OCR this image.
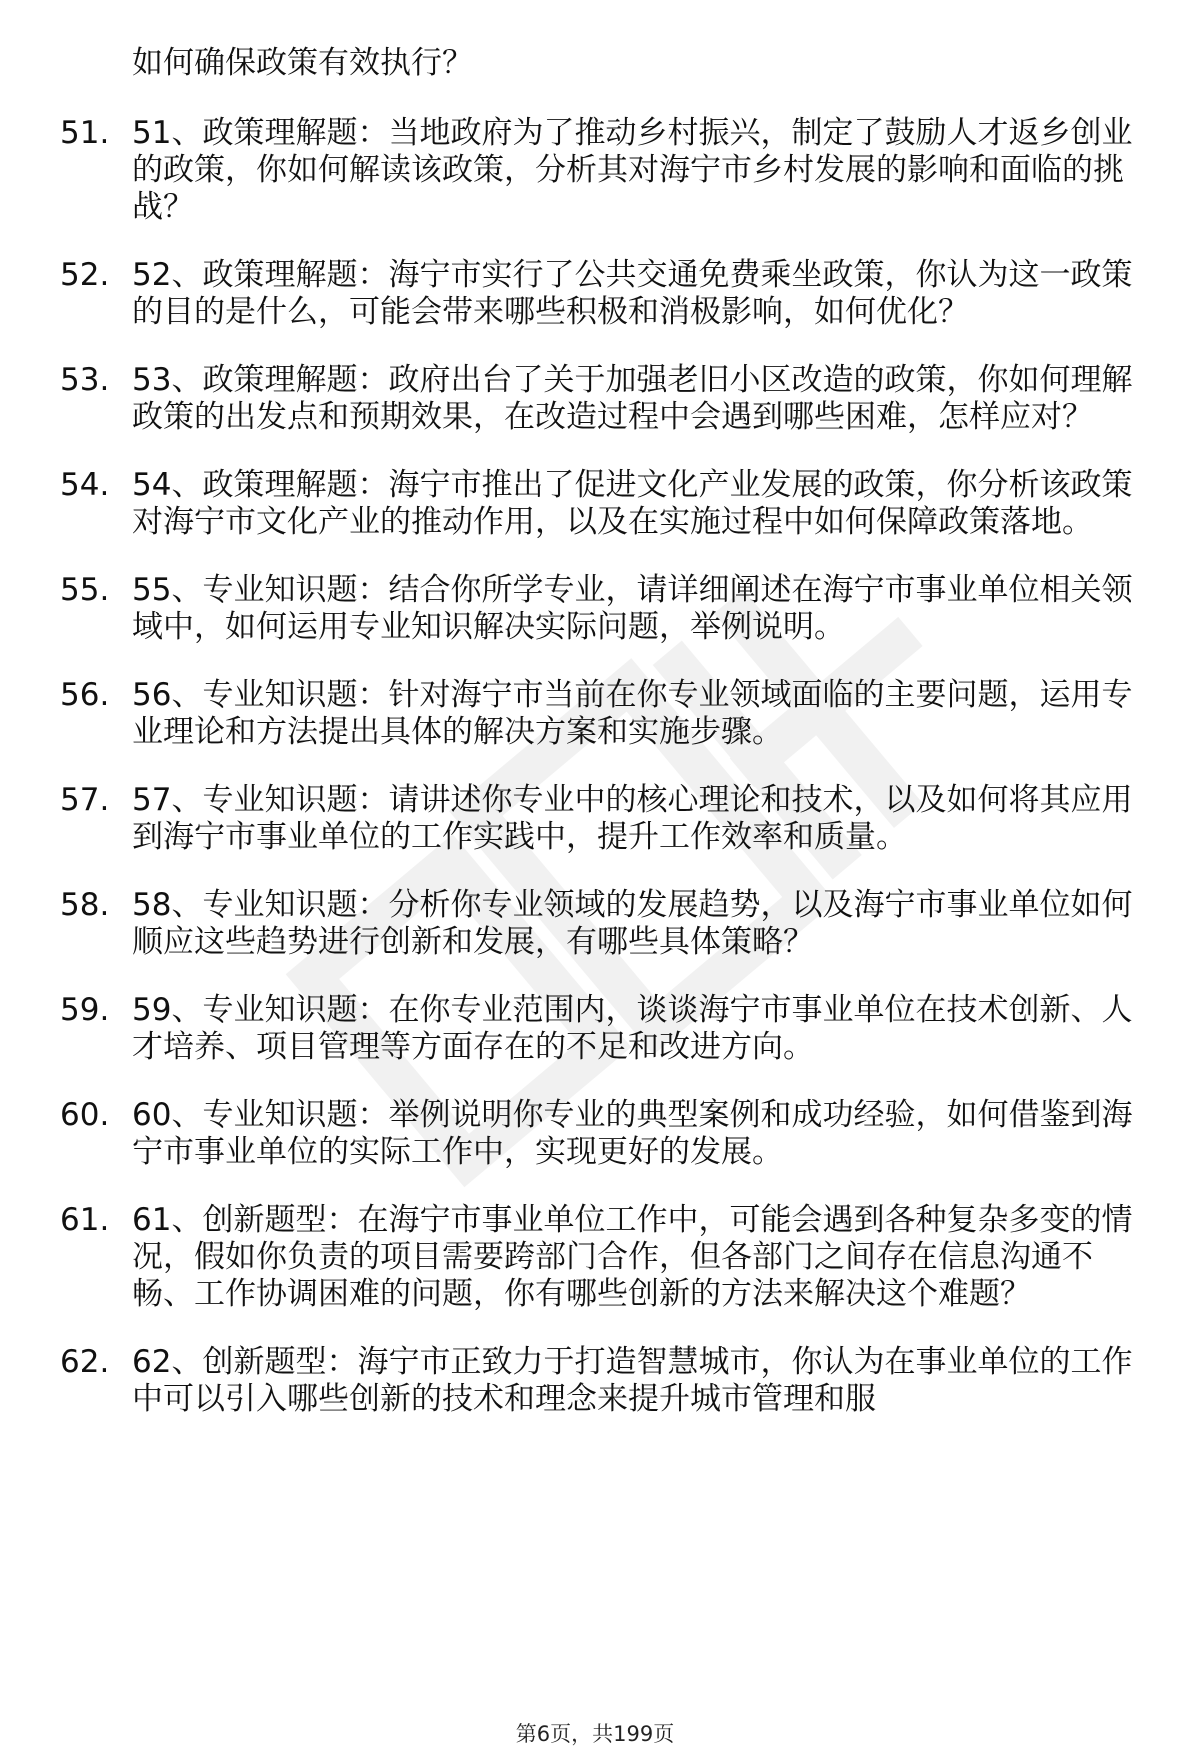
如何确保政策有效执行？
51. 51、政策理解题：当地政府为了推动乡村振兴，制定了鼓励人才返乡创业的政策，你如何解读该政策，分析其对海宁市乡村发展的影响和面临的挑战？
52. 52、政策理解题：海宁市实行了公共交通免费乘坐政策，你认为这一政策的目的是什么，可能会带来哪些积极和消极影响，如何优化？
53. 53、政策理解题：政府出台了关于加强老旧小区改造的政策，你如何理解政策的出发点和预期效果，在改造过程中会遇到哪些困难，怎样应对？
54. 54、政策理解题：海宁市推出了促进文化产业发展的政策，你分析该政策对海宁市文化产业的推动作用，以及在实施过程中如何保障政策落地。
55. 55、专业知识题：结合你所学专业，请详细阐述在海宁市事业单位相关领域中，如何运用专业知识解决实际问题，举例说明。
56. 56、专业知识题：针对海宁市当前在你专业领域面临的主要问题，运用专业理论和方法提出具体的解决方案和实施步骤。
57. 57、专业知识题：请讲述你专业中的核心理论和技术，以及如何将其应用到海宁市事业单位的工作实践中，提升工作效率和质量。
58. 58、专业知识题：分析你专业领域的发展趋势，以及海宁市事业单位如何顺应这些趋势进行创新和发展，有哪些具体策略？
59. 59、专业知识题：在你专业范围内，谈谈海宁市事业单位在技术创新、人才培养、项目管理等方面存在的不足和改进方向。
60. 60、专业知识题：举例说明你专业的典型案例和成功经验，如何借鉴到海宁市事业单位的实际工作中，实现更好的发展。
61. 61、创新题型：在海宁市事业单位工作中，可能会遇到各种复杂多变的情况，假如你负责的项目需要跨部门合作，但各部门之间存在信息沟通不畅、工作协调困难的问题，你有哪些创新的方法来解决这个难题？
62. 62、创新题型：海宁市正致力于打造智慧城市，你认为在事业单位的工作中可以引入哪些创新的技术和理念来提升城市管理和服
第6页，共199页
